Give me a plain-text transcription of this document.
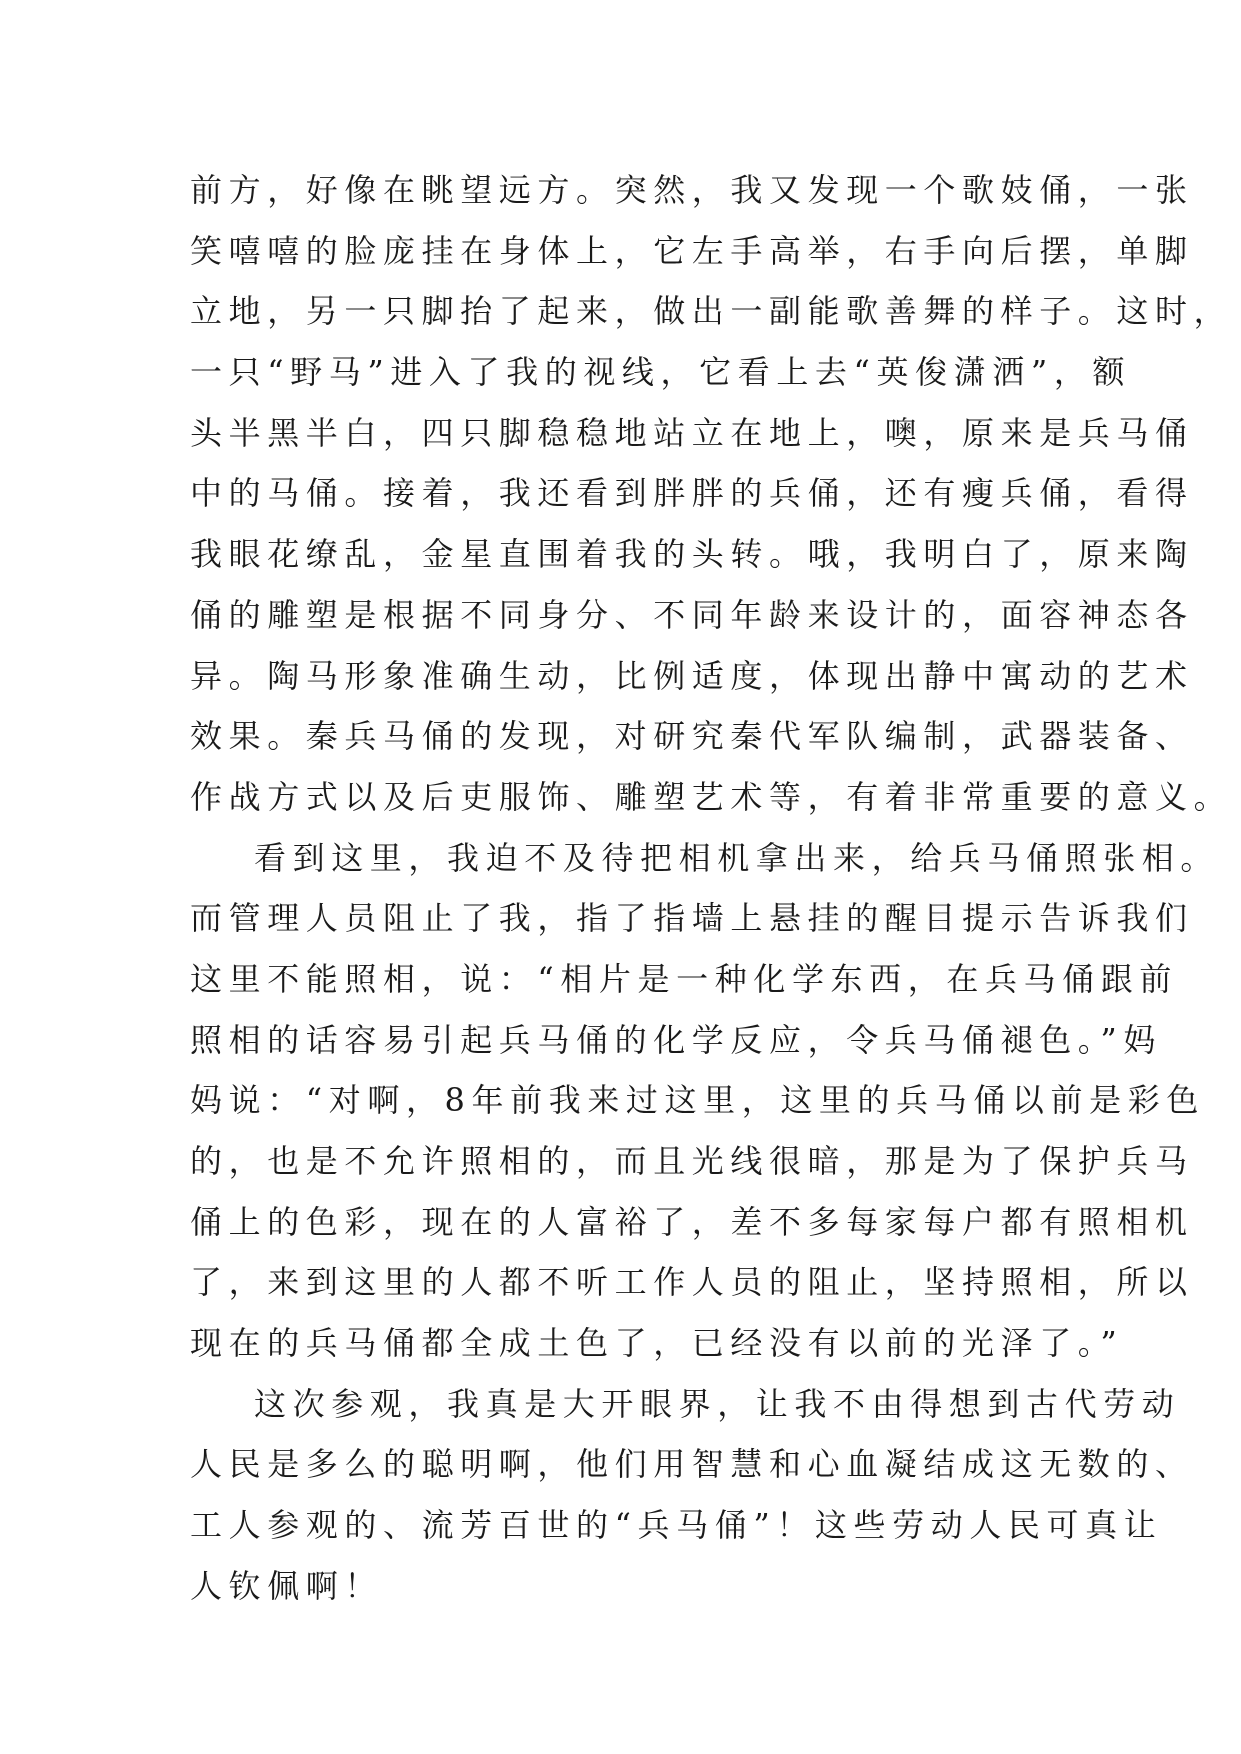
前方，好像在眺望远方。突然，我又发现一个歌妓俑，一张
笑嘻嘻的脸庞挂在身体上，它左手高举，右手向后摆，单脚
立地，另一只脚抬了起来，做出一副能歌善舞的样子。这时，
一只“野马”进入了我的视线，它看上去“英俊潇洒”，额
头半黑半白，四只脚稳稳地站立在地上，噢，原来是兵马俑
中的马俑。接着，我还看到胖胖的兵俑，还有瘦兵俑，看得
我眼花缭乱，金星直围着我的头转。哦，我明白了，原来陶
俑的雕塑是根据不同身分、不同年龄来设计的，面容神态各
异。陶马形象准确生动，比例适度，体现出静中寓动的艺术
效果。秦兵马俑的发现，对研究秦代军队编制，武器装备、
作战方式以及后吏服饰、雕塑艺术等，有着非常重要的意义。
看到这里，我迫不及待把相机拿出来，给兵马俑照张相。
而管理人员阻止了我，指了指墙上悬挂的醒目提示告诉我们
这里不能照相，说：“相片是一种化学东西，在兵马俑跟前
照相的话容易引起兵马俑的化学反应，令兵马俑褪色。”妈
妈说：“对啊，8年前我来过这里，这里的兵马俑以前是彩色
的，也是不允许照相的，而且光线很暗，那是为了保护兵马
俑上的色彩，现在的人富裕了，差不多每家每户都有照相机
了，来到这里的人都不听工作人员的阻止，坚持照相，所以
现在的兵马俑都全成土色了，已经没有以前的光泽了。”
这次参观，我真是大开眼界，让我不由得想到古代劳动
人民是多么的聪明啊，他们用智慧和心血凝结成这无数的、
工人参观的、流芳百世的“兵马俑”！这些劳动人民可真让
人钦佩啊！
